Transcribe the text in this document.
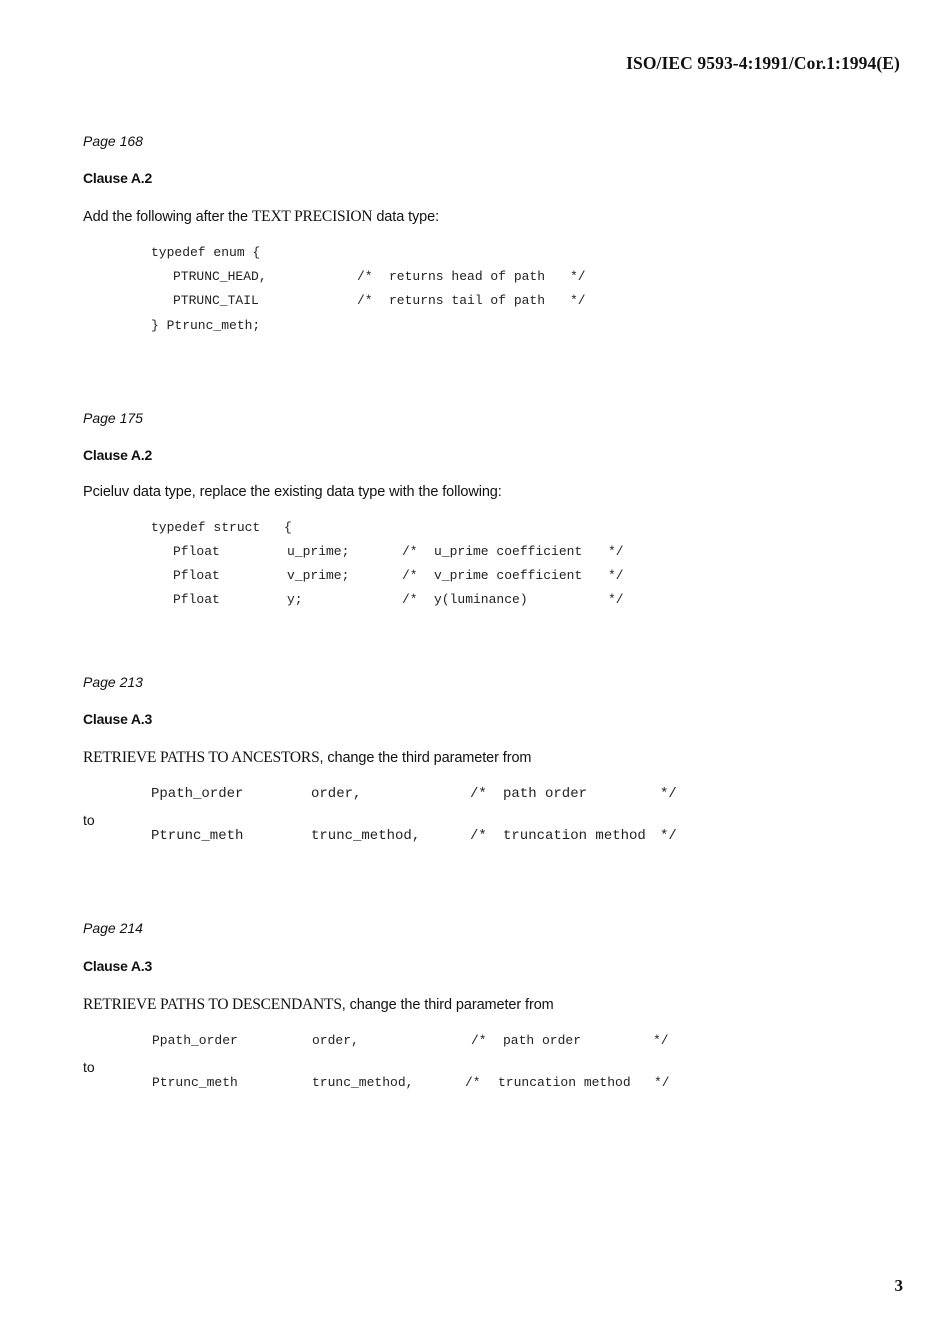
ISO/IEC 9593-4:1991/Cor.1:1994(E)
Page 168
Clause A.2
Add the following after the TEXT PRECISION data type:
typedef enum {
PTRUNC_HEAD,	/* returns head of path */
PTRUNC_TAIL	/* returns tail of path */
} Ptrunc_meth;
Page 175
Clause A.2
Pcieluv data type, replace the existing data type with the following:
typedef struct {
Pfloat	u_prime;	/* u_prime coefficient */
Pfloat	v_prime;	/* v_prime coefficient */
Pfloat	y;	/* y(luminance)	*/
Page 213
Clause A.3
RETRIEVE PATHS TO ANCESTORS, change the third parameter from
Ppath_order	order,	/* path order	*/
to
Ptrunc_meth	trunc_method,	/* truncation method */
Page 214
Clause A.3
RETRIEVE PATHS TO DESCENDANTS, change the third parameter from
Ppath_order	order,	/* path order	*/
to
Ptrunc_meth	trunc_method,	/* truncation method */
3
